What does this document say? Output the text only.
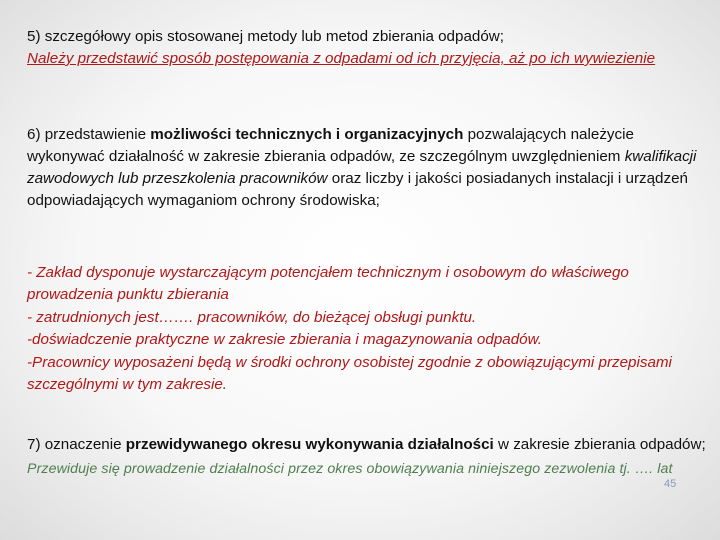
5) szczegółowy opis stosowanej metody lub metod zbierania odpadów;

Należy przedstawić sposób postępowania z odpadami od ich przyjęcia, aż po ich wywiezienie

6) przedstawienie możliwości technicznych i organizacyjnych pozwalających należycie wykonywać działalność w zakresie zbierania odpadów, ze szczególnym uwzględnieniem kwalifikacji zawodowych lub przeszkolenia pracowników oraz liczby i jakości posiadanych instalacji i urządzeń odpowiadających wymaganiom ochrony środowiska;

- Zakład dysponuje wystarczającym potencjałem technicznym i osobowym do właściwego prowadzenia punktu zbierania

- zatrudnionych jest……. pracowników, do bieżącej obsługi punktu.

-doświadczenie praktyczne w zakresie zbierania i magazynowania odpadów.

-Pracownicy wyposażeni będą w środki ochrony osobistej zgodnie z obowiązującymi przepisami szczególnymi w tym zakresie.

7) oznaczenie przewidywanego okresu wykonywania działalności w zakresie zbierania odpadów;

Przewiduje się prowadzenie działalności przez okres obowiązywania niniejszego zezwolenia tj. …. lat

45
